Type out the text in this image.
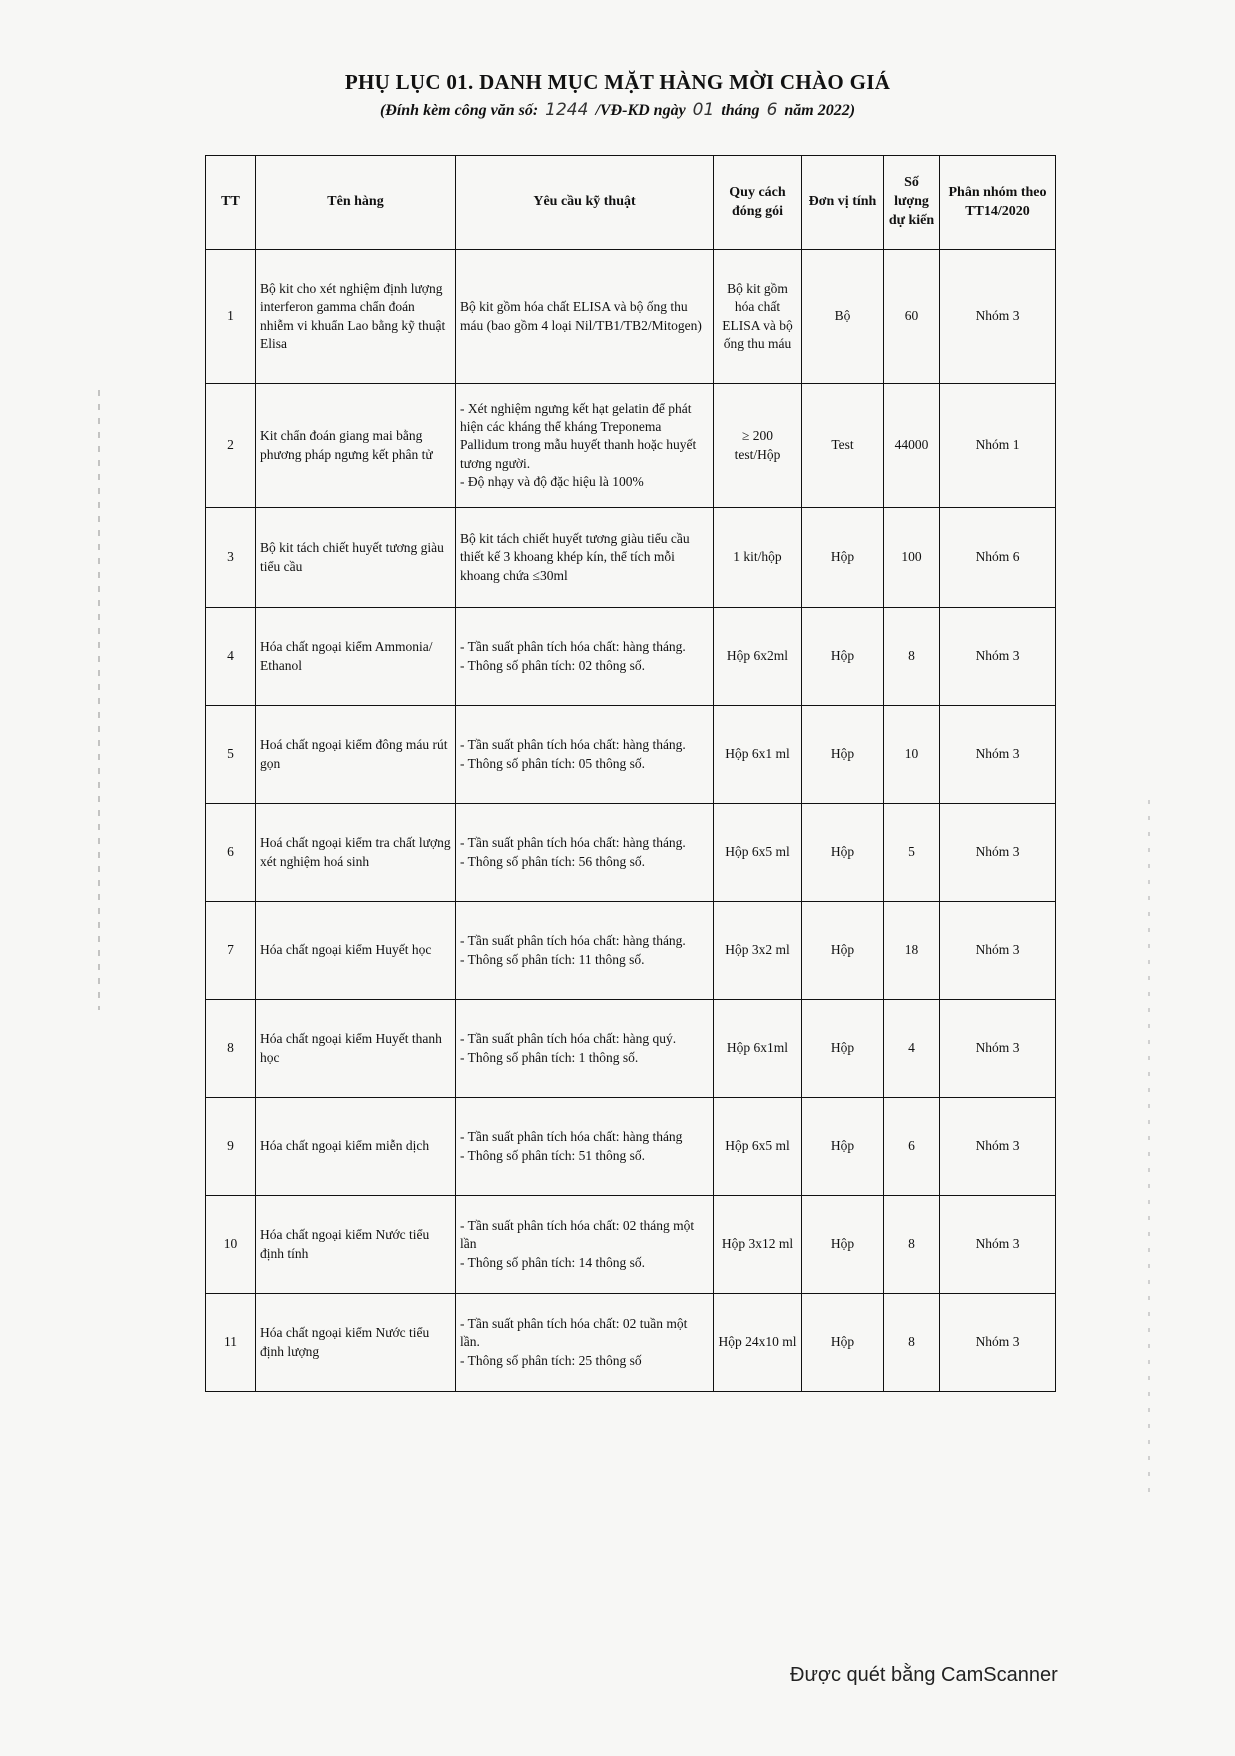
PHỤ LỤC 01. DANH MỤC MẶT HÀNG MỜI CHÀO GIÁ
(Đính kèm công văn số: 1244 /VĐ-KD ngày 01 tháng 6 năm 2022)
TT	Tên hàng	Yêu cầu kỹ thuật	Quy cách đóng gói	Đơn vị tính	Số lượng dự kiến	Phân nhóm theo TT14/2020
1	Bộ kit cho xét nghiệm định lượng interferon gamma chẩn đoán nhiễm vi khuẩn Lao bằng kỹ thuật Elisa	Bộ kit gồm hóa chất ELISA và bộ ống thu máu (bao gồm 4 loại Nil/TB1/TB2/Mitogen)	Bộ kit gồm hóa chất ELISA và bộ ống thu máu	Bộ	60	Nhóm 3
2	Kit chẩn đoán giang mai bằng phương pháp ngưng kết phân tử	- Xét nghiệm ngưng kết hạt gelatin để phát hiện các kháng thể kháng Treponema Pallidum trong mẫu huyết thanh hoặc huyết tương người.
- Độ nhạy và độ đặc hiệu là 100%	≥ 200 test/Hộp	Test	44000	Nhóm 1
3	Bộ kit tách chiết huyết tương giàu tiểu cầu	Bộ kit tách chiết huyết tương giàu tiểu cầu thiết kế 3 khoang khép kín, thể tích mỗi khoang chứa ≤30ml	1 kit/hộp	Hộp	100	Nhóm 6
4	Hóa chất ngoại kiểm Ammonia/ Ethanol	- Tần suất phân tích hóa chất: hàng tháng.
- Thông số phân tích: 02 thông số.	Hộp 6x2ml	Hộp	8	Nhóm 3
5	Hoá chất ngoại kiểm đông máu rút gọn	- Tần suất phân tích hóa chất: hàng tháng.
- Thông số phân tích: 05 thông số.	Hộp 6x1 ml	Hộp	10	Nhóm 3
6	Hoá chất ngoại kiểm tra chất lượng xét nghiệm hoá sinh	- Tần suất phân tích hóa chất: hàng tháng.
- Thông số phân tích: 56 thông số.	Hộp 6x5 ml	Hộp	5	Nhóm 3
7	Hóa chất ngoại kiểm Huyết học	- Tần suất phân tích hóa chất: hàng tháng.
- Thông số phân tích: 11 thông số.	Hộp 3x2 ml	Hộp	18	Nhóm 3
8	Hóa chất ngoại kiểm Huyết thanh học	- Tần suất phân tích hóa chất: hàng quý.
- Thông số phân tích: 1 thông số.	Hộp 6x1ml	Hộp	4	Nhóm 3
9	Hóa chất ngoại kiểm miễn dịch	- Tần suất phân tích hóa chất: hàng tháng
- Thông số phân tích: 51 thông số.	Hộp 6x5 ml	Hộp	6	Nhóm 3
10	Hóa chất ngoại kiểm Nước tiểu định tính	- Tần suất phân tích hóa chất: 02 tháng một lần
- Thông số phân tích: 14 thông số.	Hộp 3x12 ml	Hộp	8	Nhóm 3
11	Hóa chất ngoại kiểm Nước tiểu định lượng	- Tần suất phân tích hóa chất: 02 tuần một lần.
- Thông số phân tích: 25 thông số	Hộp 24x10 ml	Hộp	8	Nhóm 3
Được quét bằng CamScanner
